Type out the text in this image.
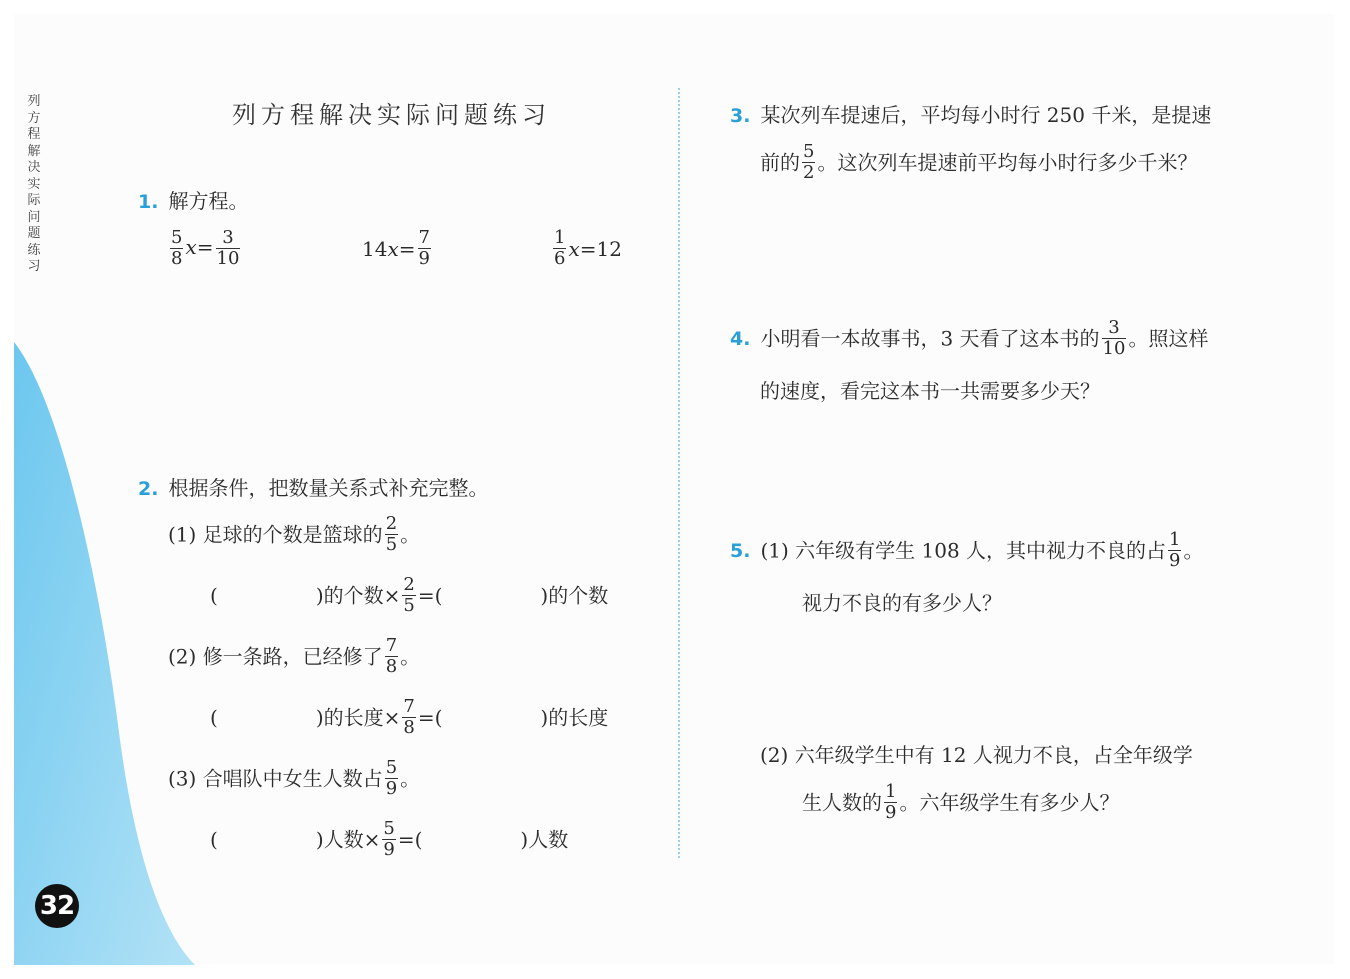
列
方
程
解
决
实
际
问
题
练
习
32
列方程解决实际问题练习
1. 解方程。
$\frac{5}{8} x= \frac{3}{10}$	$14x= \frac{7}{9}$	$\frac{1}{6} x=12$
2. 根据条件，把数量关系式补充完整。
(1) 足球的个数是篮球的 $\frac{2}{5}$ 。
(	)的个数× $\frac{2}{5}$ =(	)的个数
(2) 修一条路，已经修了 $\frac{7}{8}$ 。
(	)的长度× $\frac{7}{8}$ =(	)的长度
(3) 合唱队中女生人数占 $\frac{5}{9}$ 。
(	)人数× $\frac{5}{9}$ =(	)人数
3. 某次列车提速后，平均每小时行 250 千米，是提速
前的 $\frac{5}{2}$ 。这次列车提速前平均每小时行多少千米？
4. 小明看一本故事书，3 天看了这本书的 $\frac{3}{10}$ 。照这样
的速度，看完这本书一共需要多少天？
5. (1) 六年级有学生 108 人，其中视力不良的占 $\frac{1}{9}$ 。
视力不良的有多少人？
(2) 六年级学生中有 12 人视力不良，占全年级学
生人数的 $\frac{1}{9}$ 。六年级学生有多少人？
